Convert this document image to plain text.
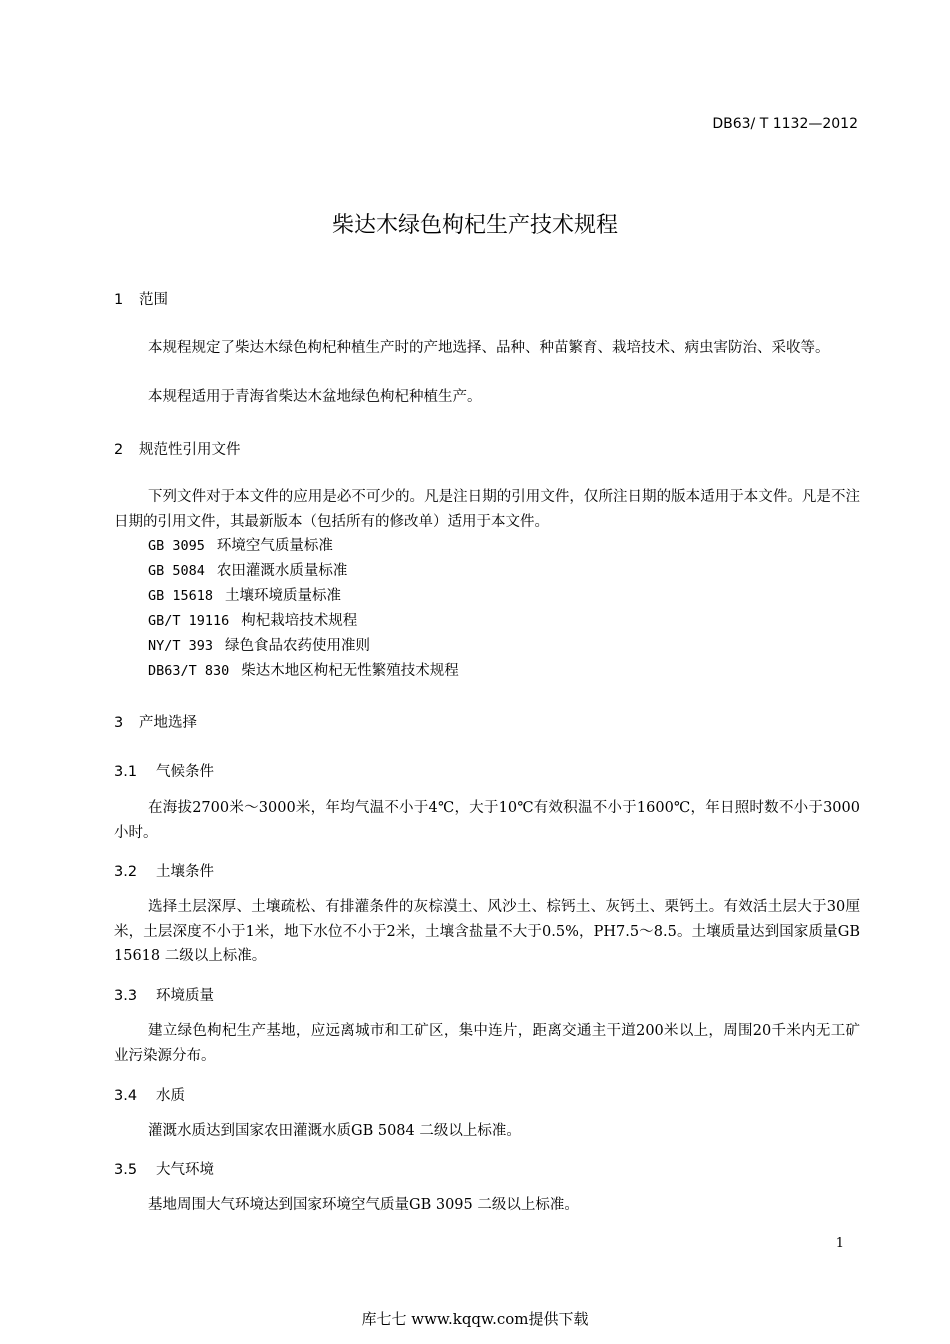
DB63/ T 1132—2012
柴达木绿色枸杞生产技术规程
1 范围
本规程规定了柴达木绿色枸杞种植生产时的产地选择、品种、种苗繁育、栽培技术、病虫害防治、采收等。
本规程适用于青海省柴达木盆地绿色枸杞种植生产。
2 规范性引用文件
下列文件对于本文件的应用是必不可少的。凡是注日期的引用文件，仅所注日期的版本适用于本文件。凡是不注日期的引用文件，其最新版本（包括所有的修改单）适用于本文件。
GB 3095 环境空气质量标准
GB 5084 农田灌溉水质量标准
GB 15618 土壤环境质量标准
GB/T 19116 枸杞栽培技术规程
NY/T 393 绿色食品农药使用准则
DB63/T 830 柴达木地区枸杞无性繁殖技术规程
3 产地选择
3.1 气候条件
在海拔2700米～3000米，年均气温不小于4℃，大于10℃有效积温不小于1600℃，年日照时数不小于3000小时。
3.2 土壤条件
选择土层深厚、土壤疏松、有排灌条件的灰棕漠土、风沙土、棕钙土、灰钙土、栗钙土。有效活土层大于30厘米，土层深度不小于1米，地下水位不小于2米，土壤含盐量不大于0.5%，PH7.5～8.5。土壤质量达到国家质量GB 15618 二级以上标准。
3.3 环境质量
建立绿色枸杞生产基地，应远离城市和工矿区，集中连片，距离交通主干道200米以上，周围20千米内无工矿业污染源分布。
3.4 水质
灌溉水质达到国家农田灌溉水质GB 5084 二级以上标准。
3.5 大气环境
基地周围大气环境达到国家环境空气质量GB 3095 二级以上标准。
1
库七七 www.kqqw.com提供下载
